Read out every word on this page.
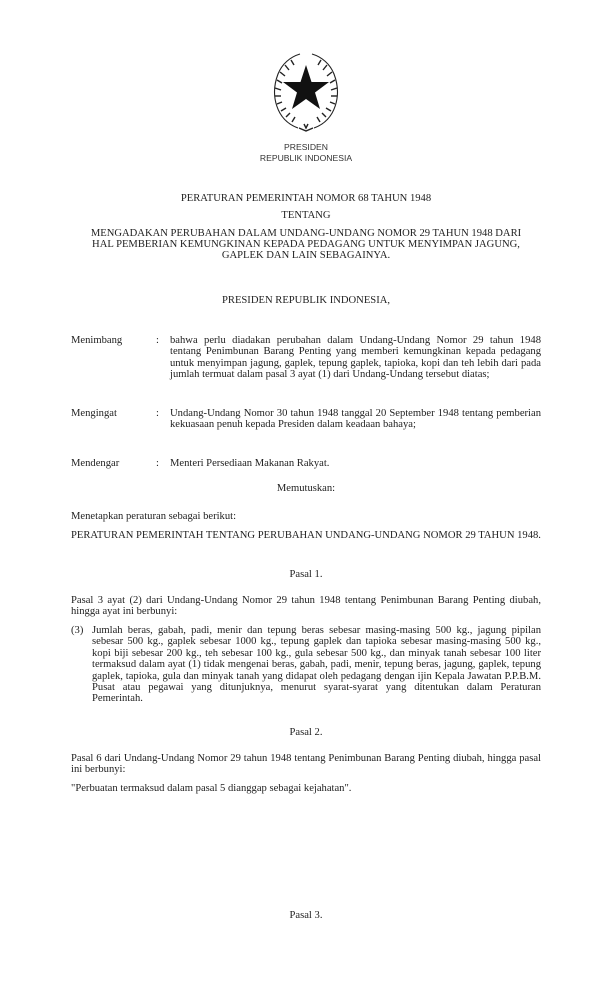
PRESIDEN
REPUBLIK INDONESIA
PERATURAN PEMERINTAH NOMOR 68 TAHUN 1948
TENTANG
MENGADAKAN PERUBAHAN DALAM UNDANG-UNDANG NOMOR 29 TAHUN 1948 DARI
HAL PEMBERIAN KEMUNGKINAN KEPADA PEDAGANG UNTUK MENYIMPAN JAGUNG,
GAPLEK DAN LAIN SEBAGAINYA.
PRESIDEN REPUBLIK INDONESIA,
Menimbang	: bahwa perlu diadakan perubahan dalam Undang-Undang Nomor 29 tahun 1948 tentang Penimbunan Barang Penting yang memberi kemungkinan kepada pedagang untuk menyimpan jagung, gaplek, tepung gaplek, tapioka, kopi dan teh lebih dari pada jumlah termuat dalam pasal 3 ayat (1) dari Undang-Undang tersebut diatas;
Mengingat	: Undang-Undang Nomor 30 tahun 1948 tanggal 20 September 1948 tentang pemberian kekuasaan penuh kepada Presiden dalam keadaan bahaya;
Mendengar	: Menteri Persediaan Makanan Rakyat.
Memutuskan:
Menetapkan peraturan sebagai berikut:
PERATURAN PEMERINTAH TENTANG PERUBAHAN UNDANG-UNDANG NOMOR 29 TAHUN 1948.
Pasal 1.
Pasal 3 ayat (2) dari Undang-Undang Nomor 29 tahun 1948 tentang Penimbunan Barang Penting diubah, hingga ayat ini berbunyi:
(3) Jumlah beras, gabah, padi, menir dan tepung beras sebesar masing-masing 500 kg., jagung pipilan sebesar 500 kg., gaplek sebesar 1000 kg., tepung gaplek dan tapioka sebesar masing-masing 500 kg., kopi biji sebesar 200 kg., teh sebesar 100 kg., gula sebesar 500 kg., dan minyak tanah sebesar 100 liter termaksud dalam ayat (1) tidak mengenai beras, gabah, padi, menir, tepung beras, jagung, gaplek, tepung gaplek, tapioka, gula dan minyak tanah yang didapat oleh pedagang dengan ijin Kepala Jawatan P.P.B.M. Pusat atau pegawai yang ditunjuknya, menurut syarat-syarat yang ditentukan dalam Peraturan Pemerintah.
Pasal 2.
Pasal 6 dari Undang-Undang Nomor 29 tahun 1948 tentang Penimbunan Barang Penting diubah, hingga pasal ini berbunyi:
"Perbuatan termaksud dalam pasal 5 dianggap sebagai kejahatan".
Pasal 3.
